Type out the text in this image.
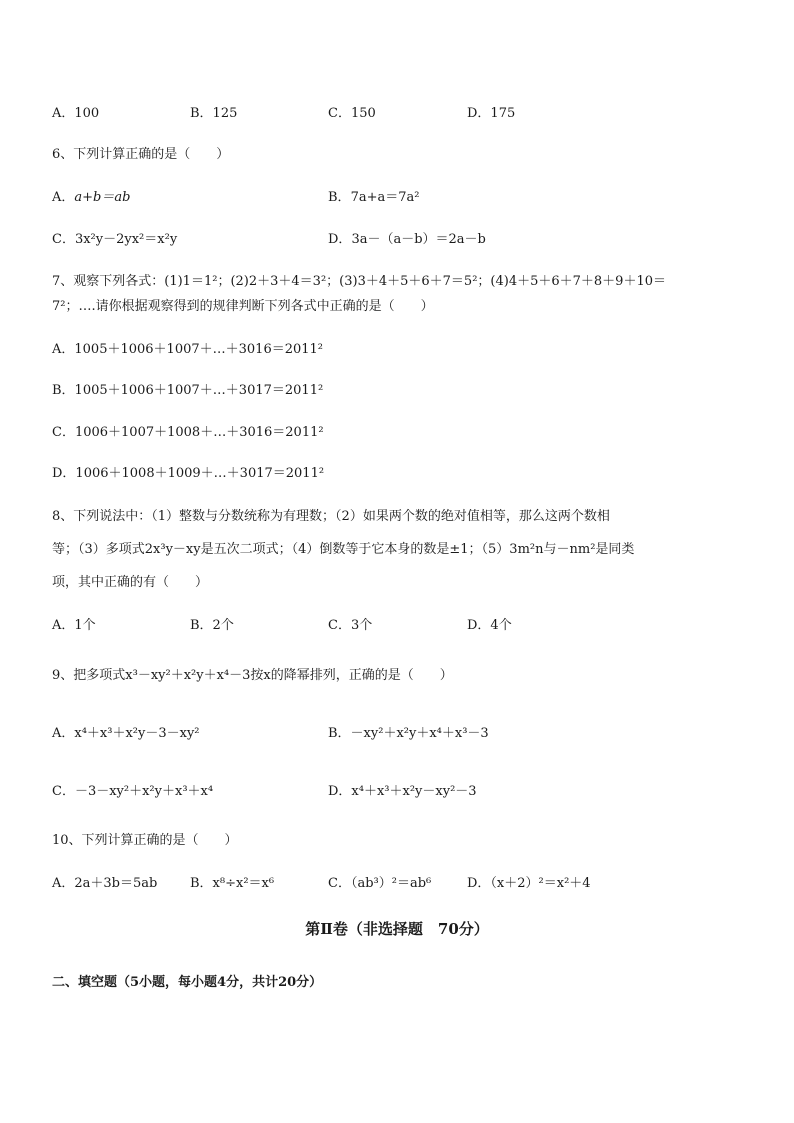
A．100	B．125	C．150	D．175
6、下列计算正确的是（　　）
A．a+b＝ab	B．7a+a＝7a²
C．3x²y－2yx²＝x²y	D．3a－（a－b）＝2a－b
7、观察下列各式：(1)1＝1²；(2)2＋3＋4＝3²；(3)3＋4＋5＋6＋7＝5²；(4)4＋5＋6＋7＋8＋9＋10＝
7²；….请你根据观察得到的规律判断下列各式中正确的是（　　）
A．1005＋1006＋1007＋…＋3016＝2011²
B．1005＋1006＋1007＋…＋3017＝2011²
C．1006＋1007＋1008＋…＋3016＝2011²
D．1006＋1008＋1009＋…＋3017＝2011²
8、下列说法中：（1）整数与分数统称为有理数；（2）如果两个数的绝对值相等，那么这两个数相
等；（3）多项式2x³y－xy是五次二项式；（4）倒数等于它本身的数是±1；（5）3m²n与－nm²是同类
项，其中正确的有（　　）
A．1个	B．2个	C．3个	D．4个
9、把多项式x³－xy²＋x²y＋x⁴－3按x的降幂排列，正确的是（　　）
A．x⁴＋x³＋x²y－3－xy²	B．－xy²＋x²y＋x⁴＋x³－3
C．－3－xy²＋x²y＋x³＋x⁴	D．x⁴＋x³＋x²y－xy²－3
10、下列计算正确的是（　　）
A．2a＋3b＝5ab	B．x⁸÷x²＝x⁶	C．（ab³）²＝ab⁶	D．（x＋2）²＝x²＋4
第Ⅱ卷（非选择题　70分）
二、填空题（5小题，每小题4分，共计20分）
